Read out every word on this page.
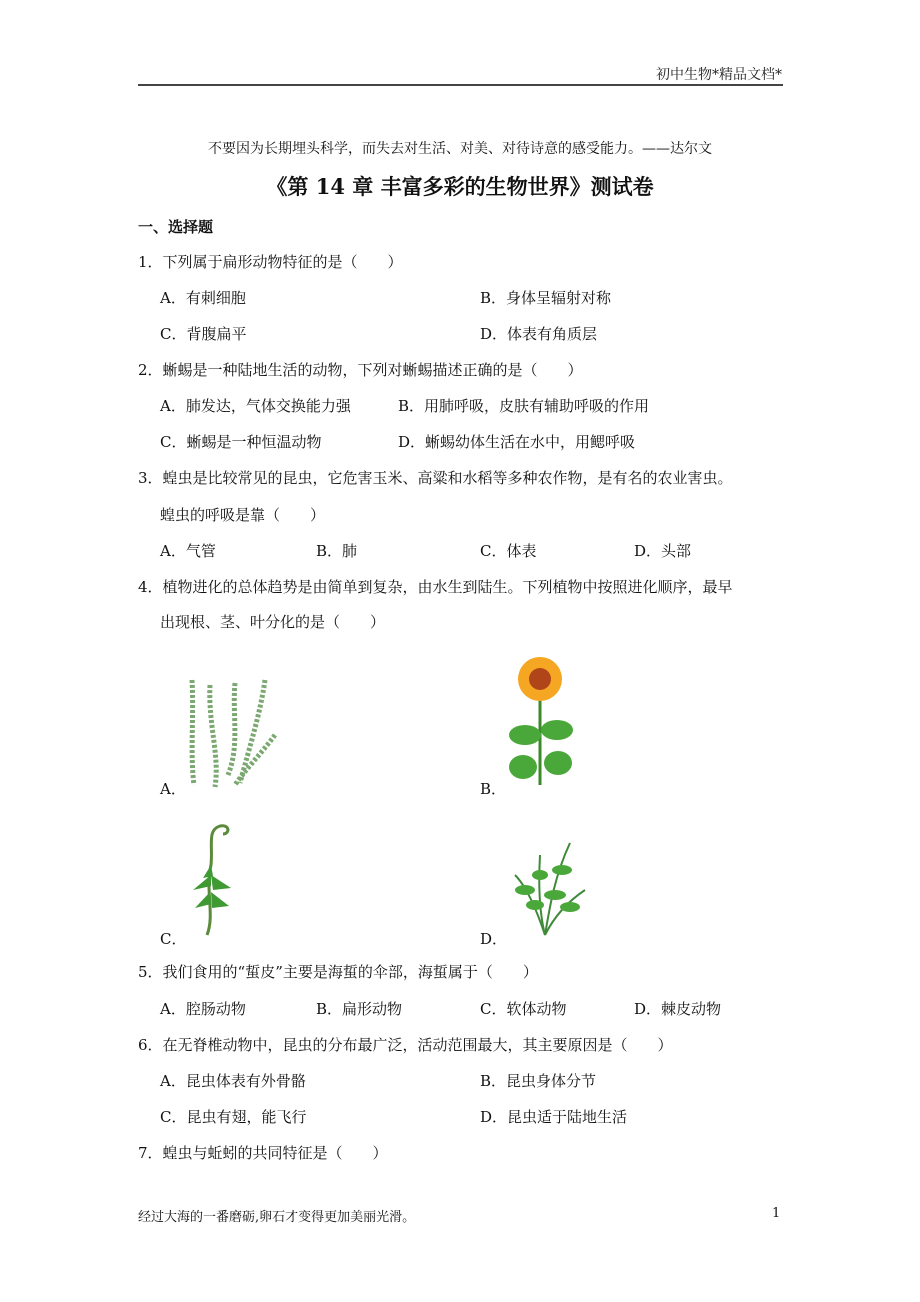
初中生物*精品文档*
不要因为长期埋头科学，而失去对生活、对美、对待诗意的感受能力。——达尔文
《第 14 章 丰富多彩的生物世界》测试卷
一、选择题
1．下列属于扁形动物特征的是（　　）
A．有刺细胞	B．身体呈辐射对称
C．背腹扁平	D．体表有角质层
2．蜥蜴是一种陆地生活的动物，下列对蜥蜴描述正确的是（　　）
A．肺发达，气体交换能力强	B．用肺呼吸，皮肤有辅助呼吸的作用
C．蜥蜴是一种恒温动物	D．蜥蜴幼体生活在水中，用鳃呼吸
3．蝗虫是比较常见的昆虫，它危害玉米、高粱和水稻等多种农作物，是有名的农业害虫。
蝗虫的呼吸是靠（　　）
A．气管	B．肺	C．体表	D．头部
4．植物进化的总体趋势是由简单到复杂，由水生到陆生。下列植物中按照进化顺序，最早
出现根、茎、叶分化的是（　　）
A．	B．
C．	D．
5．我们食用的“蜇皮”主要是海蜇的伞部，海蜇属于（　　）
A．腔肠动物	B．扁形动物	C．软体动物	D．棘皮动物
6．在无脊椎动物中，昆虫的分布最广泛，活动范围最大，其主要原因是（　　）
A．昆虫体表有外骨骼	B．昆虫身体分节
C．昆虫有翅，能飞行	D．昆虫适于陆地生活
7．蝗虫与蚯蚓的共同特征是（　　）
经过大海的一番磨砺,卵石才变得更加美丽光滑。	1
